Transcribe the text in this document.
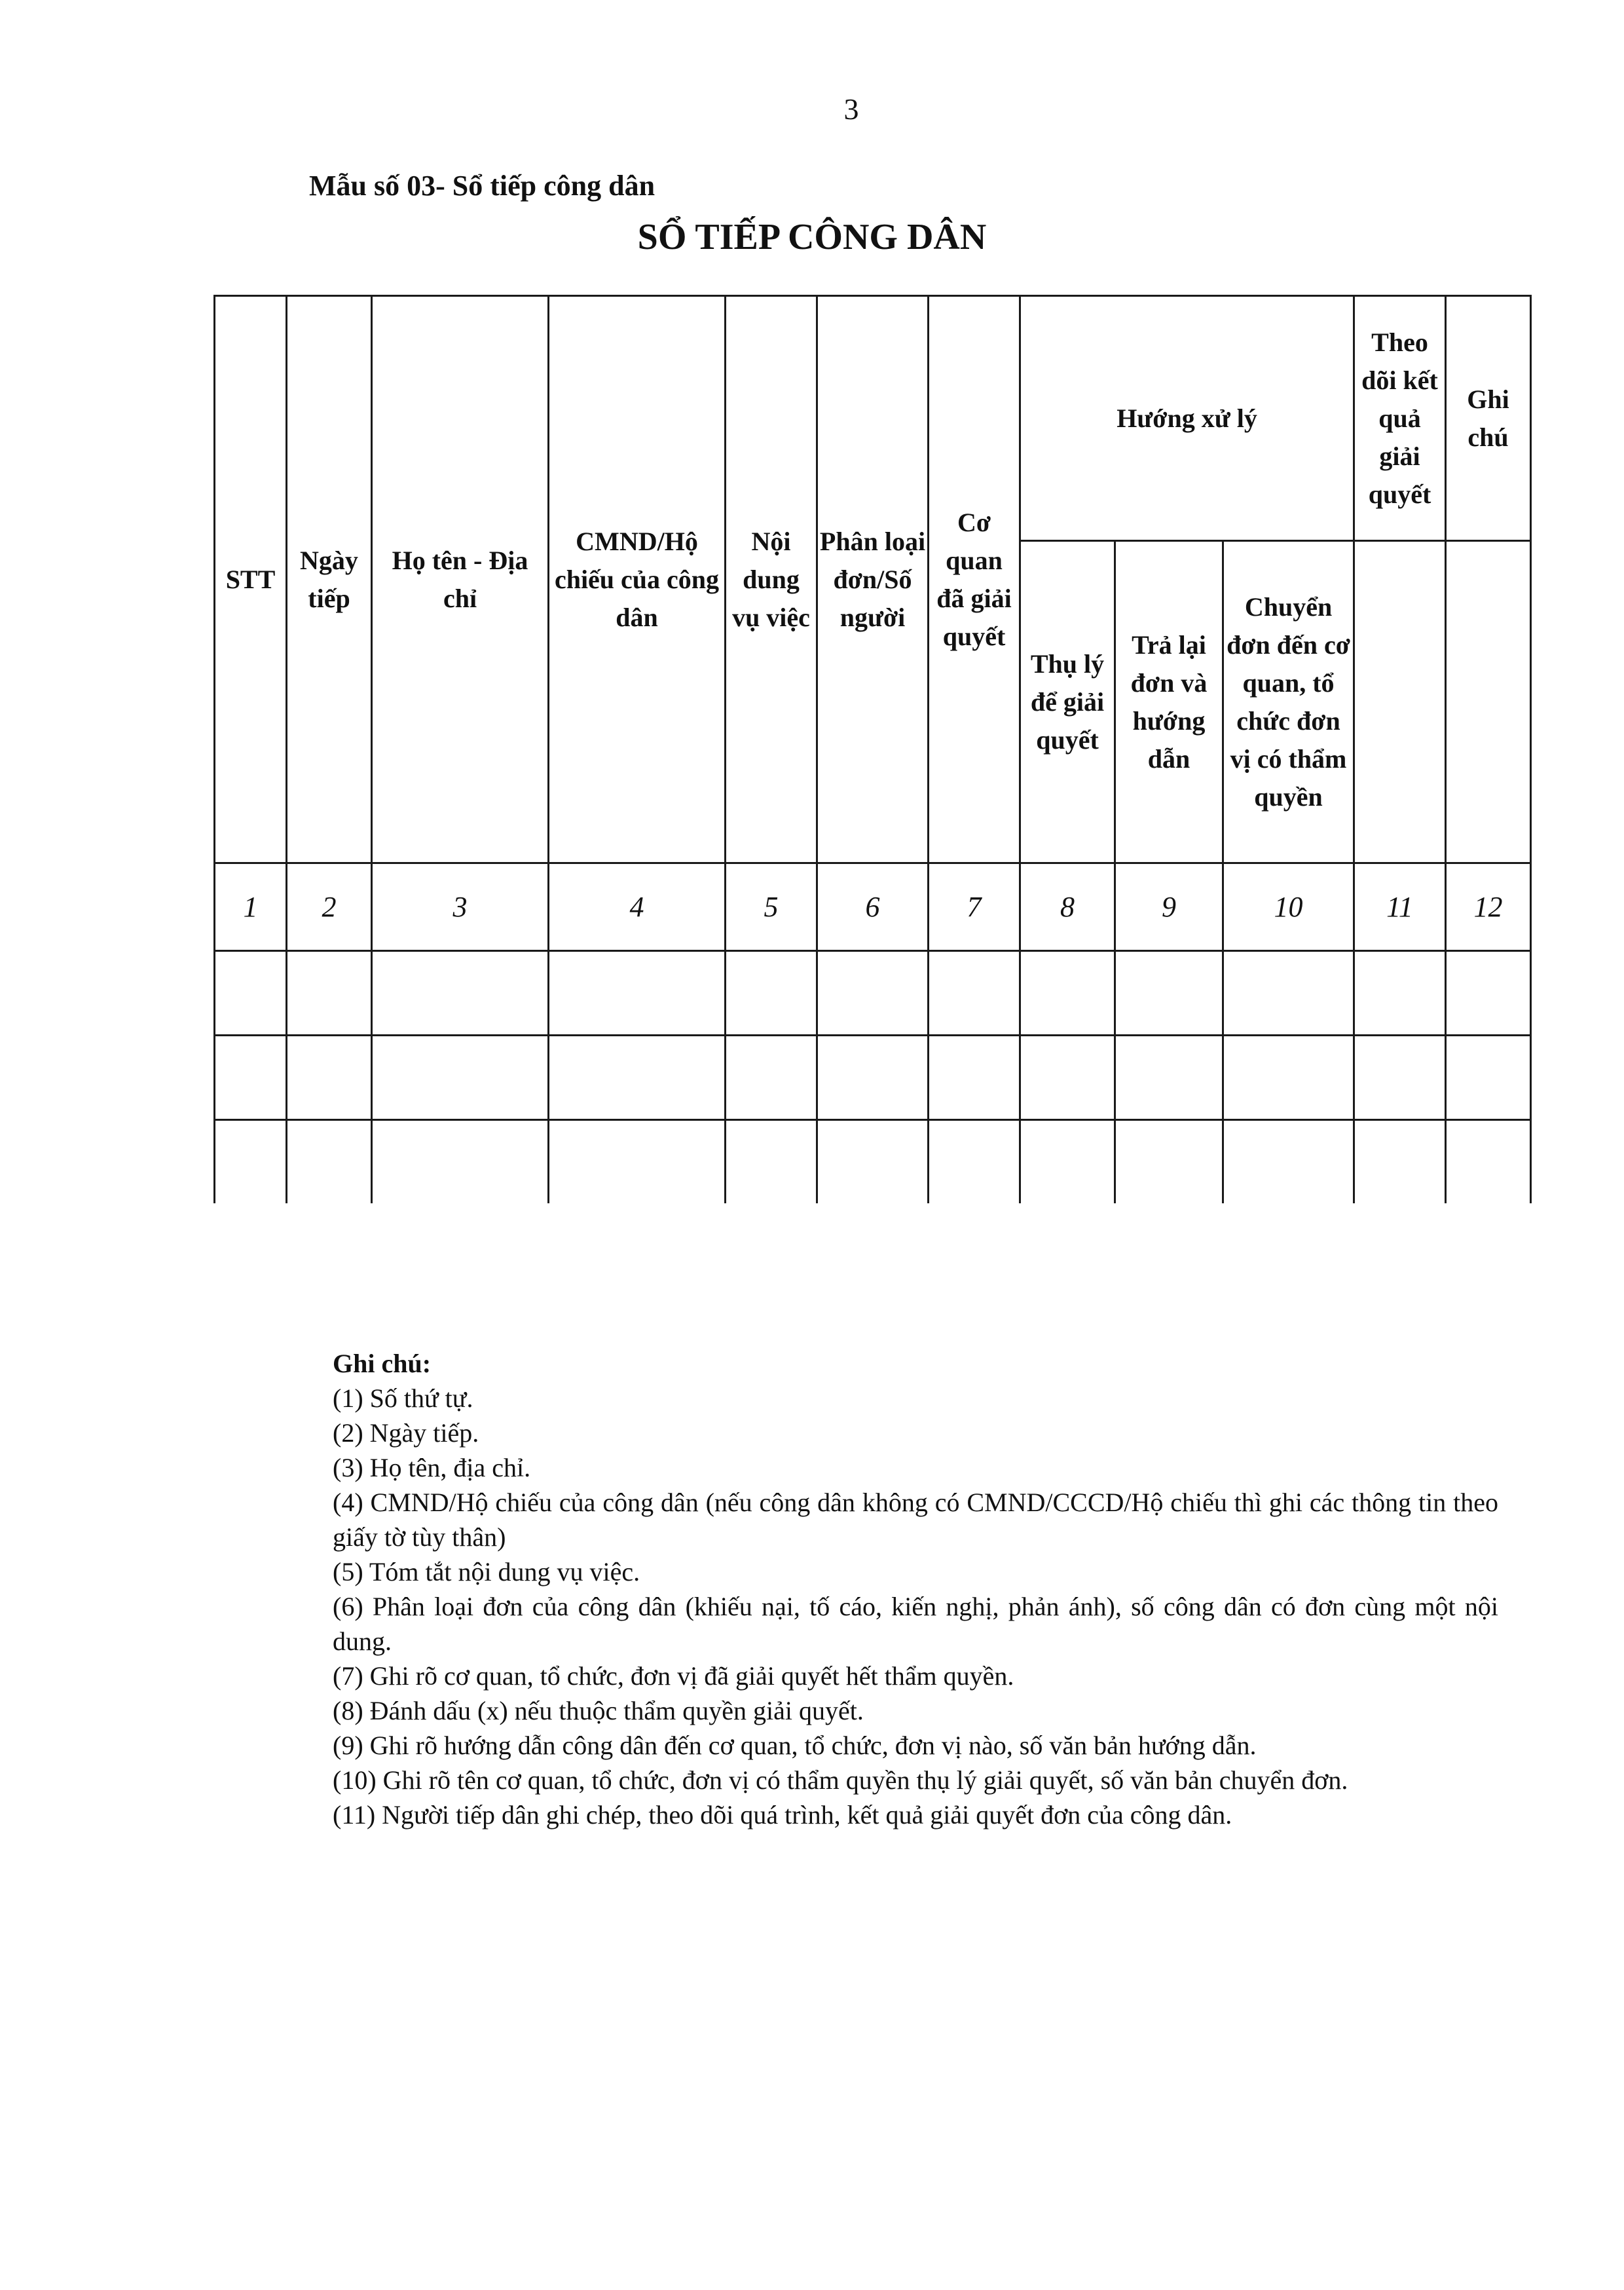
3
Mẫu số 03- Sổ tiếp công dân
SỔ TIẾP CÔNG DÂN
STT	Ngày tiếp	Họ tên - Địa chỉ	CMND/Hộ chiếu của công dân	Nội dung vụ việc	Phân loại đơn/Số người	Cơ quan đã giải quyết	Hướng xử lý			Theo dõi kết quả giải quyết	Ghi chú
							Thụ lý để giải quyết	Trả lại đơn và hướng dẫn	Chuyển đơn đến cơ quan, tổ chức đơn vị có thẩm quyền		
1	2	3	4	5	6	7	8	9	10	11	12

Ghi chú:

(1) Số thứ tự.

(2) Ngày tiếp.

(3) Họ tên, địa chỉ.

(4) CMND/Hộ chiếu của công dân (nếu công dân không có CMND/CCCD/Hộ chiếu thì ghi các thông tin theo giấy tờ tùy thân)

(5) Tóm tắt nội dung vụ việc.

(6) Phân loại đơn của công dân (khiếu nại, tố cáo, kiến nghị, phản ánh), số công dân có đơn cùng một nội dung.

(7) Ghi rõ cơ quan, tổ chức, đơn vị đã giải quyết hết thẩm quyền.

(8) Đánh dấu (x) nếu thuộc thẩm quyền giải quyết.

(9) Ghi rõ hướng dẫn công dân đến cơ quan, tổ chức, đơn vị nào, số văn bản hướng dẫn.

(10) Ghi rõ tên cơ quan, tổ chức, đơn vị có thẩm quyền thụ lý giải quyết, số văn bản chuyển đơn.

(11) Người tiếp dân ghi chép, theo dõi quá trình, kết quả giải quyết đơn của công dân.
